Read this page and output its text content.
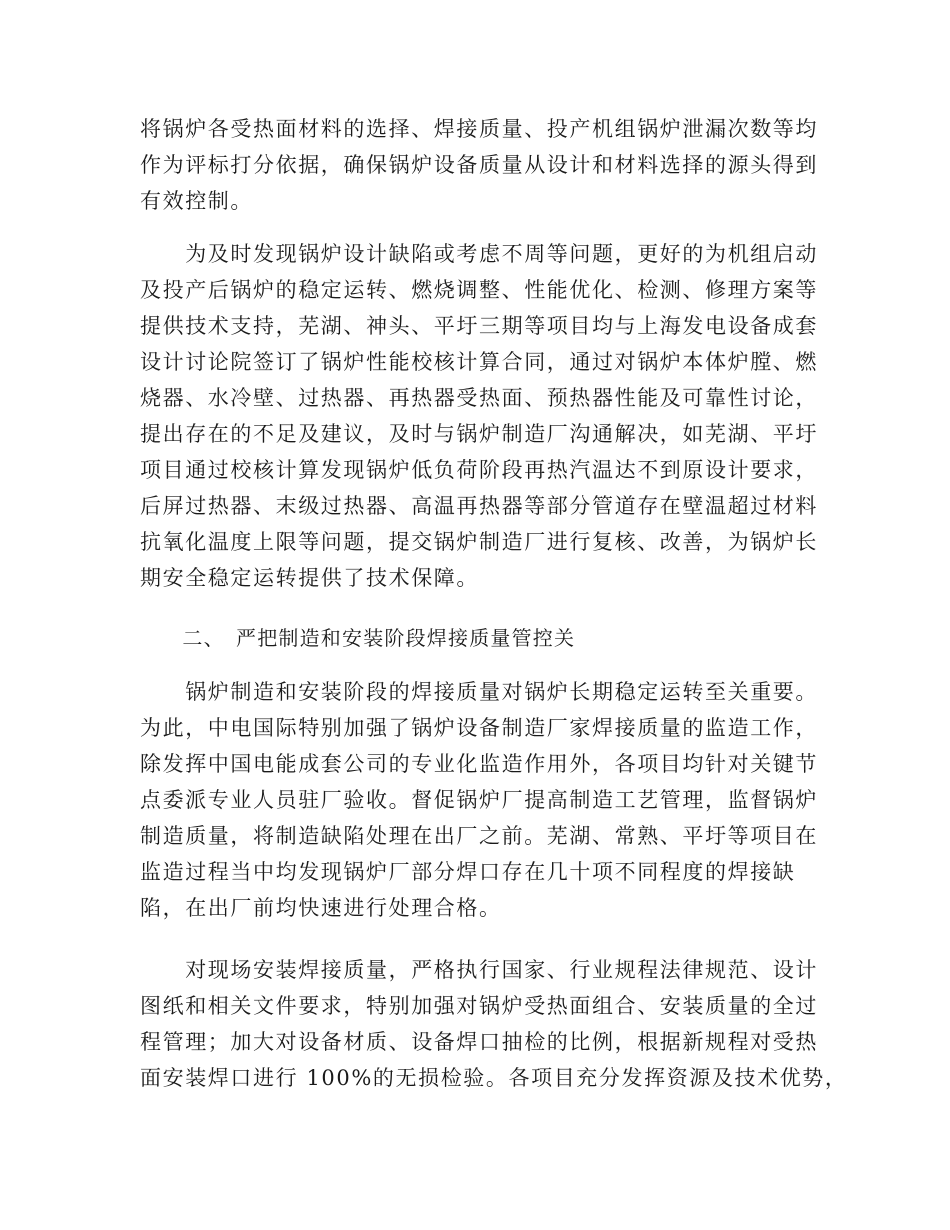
将锅炉各受热面材料的选择、焊接质量、投产机组锅炉泄漏次数等均
作为评标打分依据，确保锅炉设备质量从设计和材料选择的源头得到
有效控制。
　　为及时发现锅炉设计缺陷或考虑不周等问题，更好的为机组启动
及投产后锅炉的稳定运转、燃烧调整、性能优化、检测、修理方案等
提供技术支持，芜湖、神头、平圩三期等项目均与上海发电设备成套
设计讨论院签订了锅炉性能校核计算合同，通过对锅炉本体炉膛、燃
烧器、水冷壁、过热器、再热器受热面、预热器性能及可靠性讨论，
提出存在的不足及建议，及时与锅炉制造厂沟通解决，如芜湖、平圩
项目通过校核计算发现锅炉低负荷阶段再热汽温达不到原设计要求，
后屏过热器、末级过热器、高温再热器等部分管道存在壁温超过材料
抗氧化温度上限等问题，提交锅炉制造厂进行复核、改善，为锅炉长
期安全稳定运转提供了技术保障。
　　二、　严把制造和安装阶段焊接质量管控关
　　锅炉制造和安装阶段的焊接质量对锅炉长期稳定运转至关重要。
为此，中电国际特别加强了锅炉设备制造厂家焊接质量的监造工作，
除发挥中国电能成套公司的专业化监造作用外，各项目均针对关键节
点委派专业人员驻厂验收。督促锅炉厂提高制造工艺管理，监督锅炉
制造质量，将制造缺陷处理在出厂之前。芜湖、常熟、平圩等项目在
监造过程当中均发现锅炉厂部分焊口存在几十项不同程度的焊接缺
陷，在出厂前均快速进行处理合格。
　　对现场安装焊接质量，严格执行国家、行业规程法律规范、设计
图纸和相关文件要求，特别加强对锅炉受热面组合、安装质量的全过
程管理；加大对设备材质、设备焊口抽检的比例，根据新规程对受热
面安装焊口进行 100%的无损检验。各项目充分发挥资源及技术优势，
